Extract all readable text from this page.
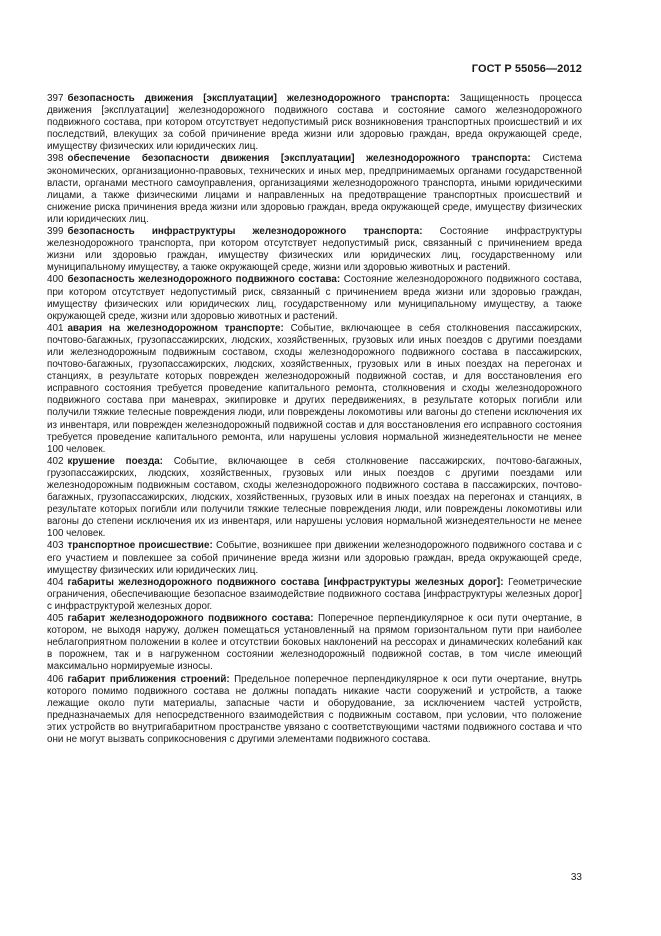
ГОСТ Р 55056—2012

397 безопасность движения [эксплуатации] железнодорожного транспорта: Защищенность процесса движения [эксплуатации] железнодорожного подвижного состава и состояние самого железнодорожного подвижного состава, при котором отсутствует недопустимый риск возникновения транспортных происшествий и их последствий, влекущих за собой причинение вреда жизни или здоровью граждан, вреда окружающей среде, имуществу физических или юридических лиц.

398 обеспечение безопасности движения [эксплуатации] железнодорожного транспорта: Система экономических, организационно-правовых, технических и иных мер, предпринимаемых органами государственной власти, органами местного самоуправления, организациями железнодорожного транспорта, иными юридическими лицами, а также физическими лицами и направленных на предотвращение транспортных происшествий и снижение риска причинения вреда жизни или здоровью граждан, вреда окружающей среде, имуществу физических или юридических лиц.

399 безопасность инфраструктуры железнодорожного транспорта: Состояние инфраструктуры железнодорожного транспорта, при котором отсутствует недопустимый риск, связанный с причинением вреда жизни или здоровью граждан, имуществу физических или юридических лиц, государственному или муниципальному имуществу, а также окружающей среде, жизни или здоровью животных и растений.

400 безопасность железнодорожного подвижного состава: Состояние железнодорожного подвижного состава, при котором отсутствует недопустимый риск, связанный с причинением вреда жизни или здоровью граждан, имуществу физических или юридических лиц, государственному или муниципальному имуществу, а также окружающей среде, жизни или здоровью животных и растений.

401 авария на железнодорожном транспорте: Событие, включающее в себя столкновения пассажирских, почтово-багажных, грузопассажирских, людских, хозяйственных, грузовых или иных поездов с другими поездами или железнодорожным подвижным составом, сходы железнодорожного подвижного состава в пассажирских, почтово-багажных, грузопассажирских, людских, хозяйственных, грузовых или в иных поездах на перегонах и станциях, в результате которых поврежден железнодорожный подвижной состав, и для восстановления его исправного состояния требуется проведение капитального ремонта, столкновения и сходы железнодорожного подвижного состава при маневрах, экипировке и других передвижениях, в результате которых погибли или получили тяжкие телесные повреждения люди, или повреждены локомотивы или вагоны до степени исключения их из инвентаря, или поврежден железнодорожный подвижной состав и для восстановления его исправного состояния требуется проведение капитального ремонта, или нарушены условия нормальной жизнедеятельности не менее 100 человек.

402 крушение поезда: Событие, включающее в себя столкновение пассажирских, почтово-багажных, грузопассажирских, людских, хозяйственных, грузовых или иных поездов с другими поездами или железнодорожным подвижным составом, сходы железнодорожного подвижного состава в пассажирских, почтово-багажных, грузопассажирских, людских, хозяйственных, грузовых или в иных поездах на перегонах и станциях, в результате которых погибли или получили тяжкие телесные повреждения люди, или повреждены локомотивы или вагоны до степени исключения их из инвентаря, или нарушены условия нормальной жизнедеятельности не менее 100 человек.

403 транспортное происшествие: Событие, возникшее при движении железнодорожного подвижного состава и с его участием и повлекшее за собой причинение вреда жизни или здоровью граждан, вреда окружающей среде, имуществу физических или юридических лиц.

404 габариты железнодорожного подвижного состава [инфраструктуры железных дорог]: Геометрические ограничения, обеспечивающие безопасное взаимодействие подвижного состава [инфраструктуры железных дорог] с инфраструктурой железных дорог.

405 габарит железнодорожного подвижного состава: Поперечное перпендикулярное к оси пути очертание, в котором, не выходя наружу, должен помещаться установленный на прямом горизонтальном пути при наиболее неблагоприятном положении в колее и отсутствии боковых наклонений на рессорах и динамических колебаний как в порожнем, так и в нагруженном состоянии железнодорожный подвижной состав, в том числе имеющий максимально нормируемые износы.

406 габарит приближения строений: Предельное поперечное перпендикулярное к оси пути очертание, внутрь которого помимо подвижного состава не должны попадать никакие части сооружений и устройств, а также лежащие около пути материалы, запасные части и оборудование, за исключением частей устройств, предназначаемых для непосредственного взаимодействия с подвижным составом, при условии, что положение этих устройств во внутригабаритном пространстве увязано с соответствующими частями подвижного состава и что они не могут вызвать соприкосновения с другими элементами подвижного состава.

33
